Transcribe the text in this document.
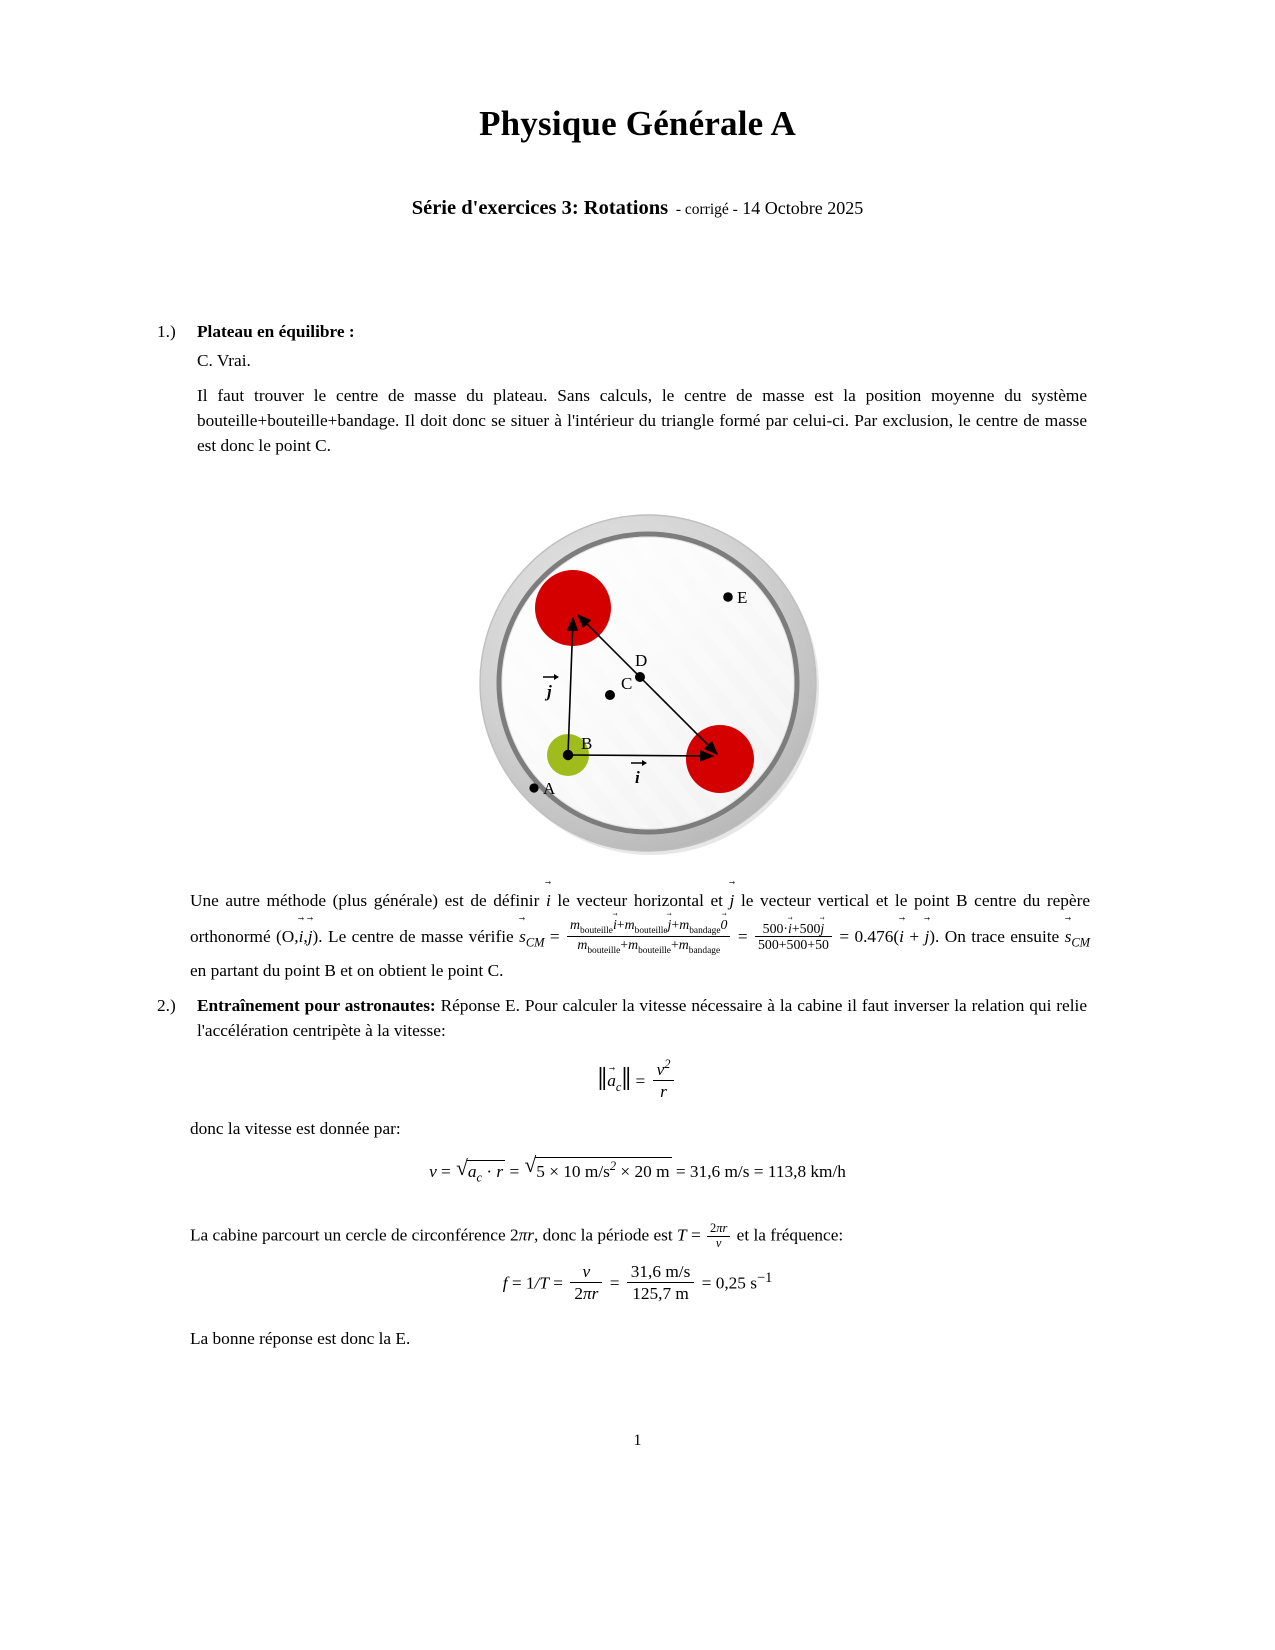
Physique Générale A
Série d'exercices 3: Rotations - corrigé - 14 Octobre 2025
1.)	Plateau en équilibre :
C. Vrai.
Il faut trouver le centre de masse du plateau. Sans calculs, le centre de masse est la position moyenne du système bouteille+bouteille+bandage. Il doit donc se situer à l'intérieur du triangle formé par celui-ci. Par exclusion, le centre de masse est donc le point C.
A
B
C
D
E
j
i
Une autre méthode (plus générale) est de définir i → le vecteur horizontal et j → le vecteur vertical et le point B centre du repère orthonormé (O,i →,j →). Le centre de masse vérifie $s \to_{CM} = \frac{m_{bouteille}i \to+m_{bouteille}j \to+m_{bandage}0 \to}{m_{bouteille}+m_{bouteille}+m_{bandage}} = \frac{500\cdot i \to+500j \to}{500+500+50} = 0.476(i$ → + j →). On trace ensuite $s \to_{CM}$ en partant du point B et on obtient le point C.
2.)	Entraînement pour astronautes: Réponse E. Pour calculer la vitesse nécessaire à la cabine il faut inverser la relation qui relie l'accélération centripète à la vitesse:
∥a $\to_c\parallel = \frac{v^2}{r}$
donc la vitesse est donnée par:
v = √ $a_c \cdot r$ = √ 5 × 10 $m/s^2 \times 20$ m = 31,6 m/s = 113,8 km/h
La cabine parcourt un cercle de circonférence 2πr, donc la période est $T = \frac{2\pi r}{v}$ et la fréquence:
$f = 1/T = \frac{v}{2\pi r} = \frac{31,6 m/s}{125,7 m} = 0,25$ $s^{-1}$
La bonne réponse est donc la E.
1
